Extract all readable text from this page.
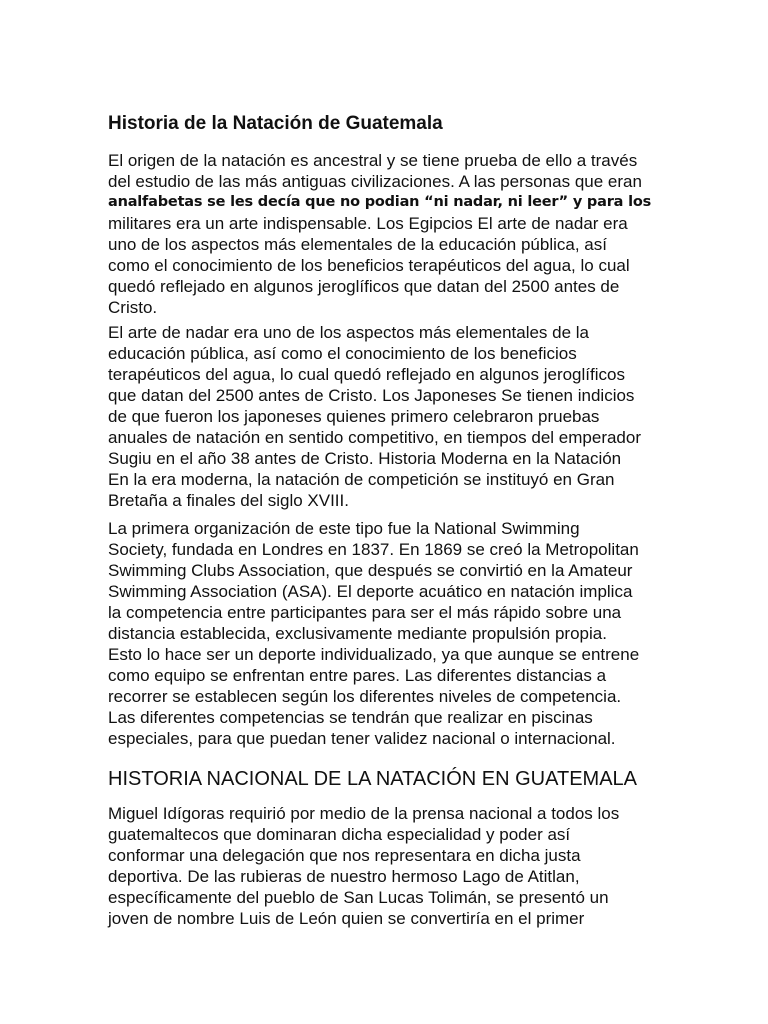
Historia de la Natación de Guatemala

El origen de la natación es ancestral y se tiene prueba de ello a través
del estudio de las más antiguas civilizaciones. A las personas que eran
analfabetas se les decía que no podian “ni nadar, ni leer” y para los
militares era un arte indispensable. Los Egipcios El arte de nadar era
uno de los aspectos más elementales de la educación pública, así
como el conocimiento de los beneficios terapéuticos del agua, lo cual
quedó reflejado en algunos jeroglíficos que datan del 2500 antes de
Cristo.

El arte de nadar era uno de los aspectos más elementales de la
educación pública, así como el conocimiento de los beneficios
terapéuticos del agua, lo cual quedó reflejado en algunos jeroglíficos
que datan del 2500 antes de Cristo. Los Japoneses Se tienen indicios
de que fueron los japoneses quienes primero celebraron pruebas
anuales de natación en sentido competitivo, en tiempos del emperador
Sugiu en el año 38 antes de Cristo. Historia Moderna en la Natación
En la era moderna, la natación de competición se instituyó en Gran
Bretaña a finales del siglo XVIII.

La primera organización de este tipo fue la National Swimming
Society, fundada en Londres en 1837. En 1869 se creó la Metropolitan
Swimming Clubs Association, que después se convirtió en la Amateur
Swimming Association (ASA). El deporte acuático en natación implica
la competencia entre participantes para ser el más rápido sobre una
distancia establecida, exclusivamente mediante propulsión propia.
Esto lo hace ser un deporte individualizado, ya que aunque se entrene
como equipo se enfrentan entre pares. Las diferentes distancias a
recorrer se establecen según los diferentes niveles de competencia.
Las diferentes competencias se tendrán que realizar en piscinas
especiales, para que puedan tener validez nacional o internacional.

HISTORIA NACIONAL DE LA NATACIÓN EN GUATEMALA

Miguel Idígoras requirió por medio de la prensa nacional a todos los
guatemaltecos que dominaran dicha especialidad y poder así
conformar una delegación que nos representara en dicha justa
deportiva. De las rubieras de nuestro hermoso Lago de Atitlan,
específicamente del pueblo de San Lucas Tolimán, se presentó un
joven de nombre Luis de León quien se convertiría en el primer
